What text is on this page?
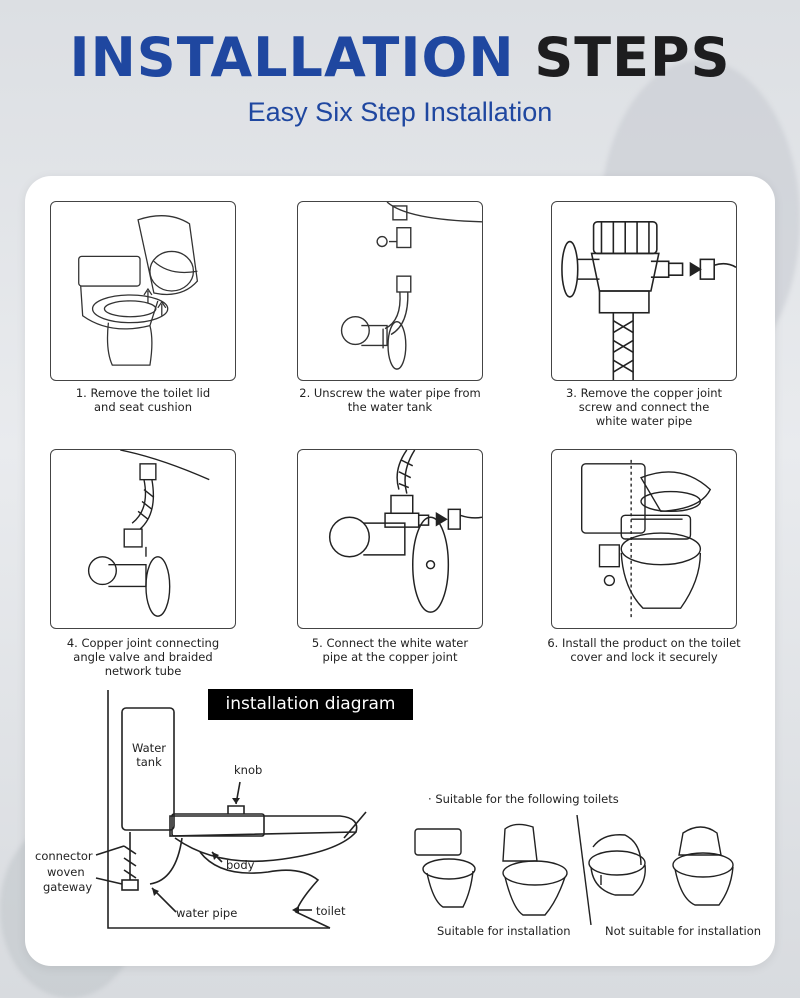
INSTALLATION STEPS
Easy Six Step Installation
1. Remove the toilet lid
and seat cushion
2. Unscrew the water pipe from
the water tank
3. Remove the copper joint
screw and connect the
white water pipe
4. Copper joint connecting
angle valve and braided
network tube
5. Connect the white water
pipe at the copper joint
6. Install the product on the toilet
cover and lock it securely
installation diagram
Water
tank
knob
connector
woven
gateway
body
water pipe	toilet
· Suitable for the following toilets
Suitable for installation	Not suitable for installation
